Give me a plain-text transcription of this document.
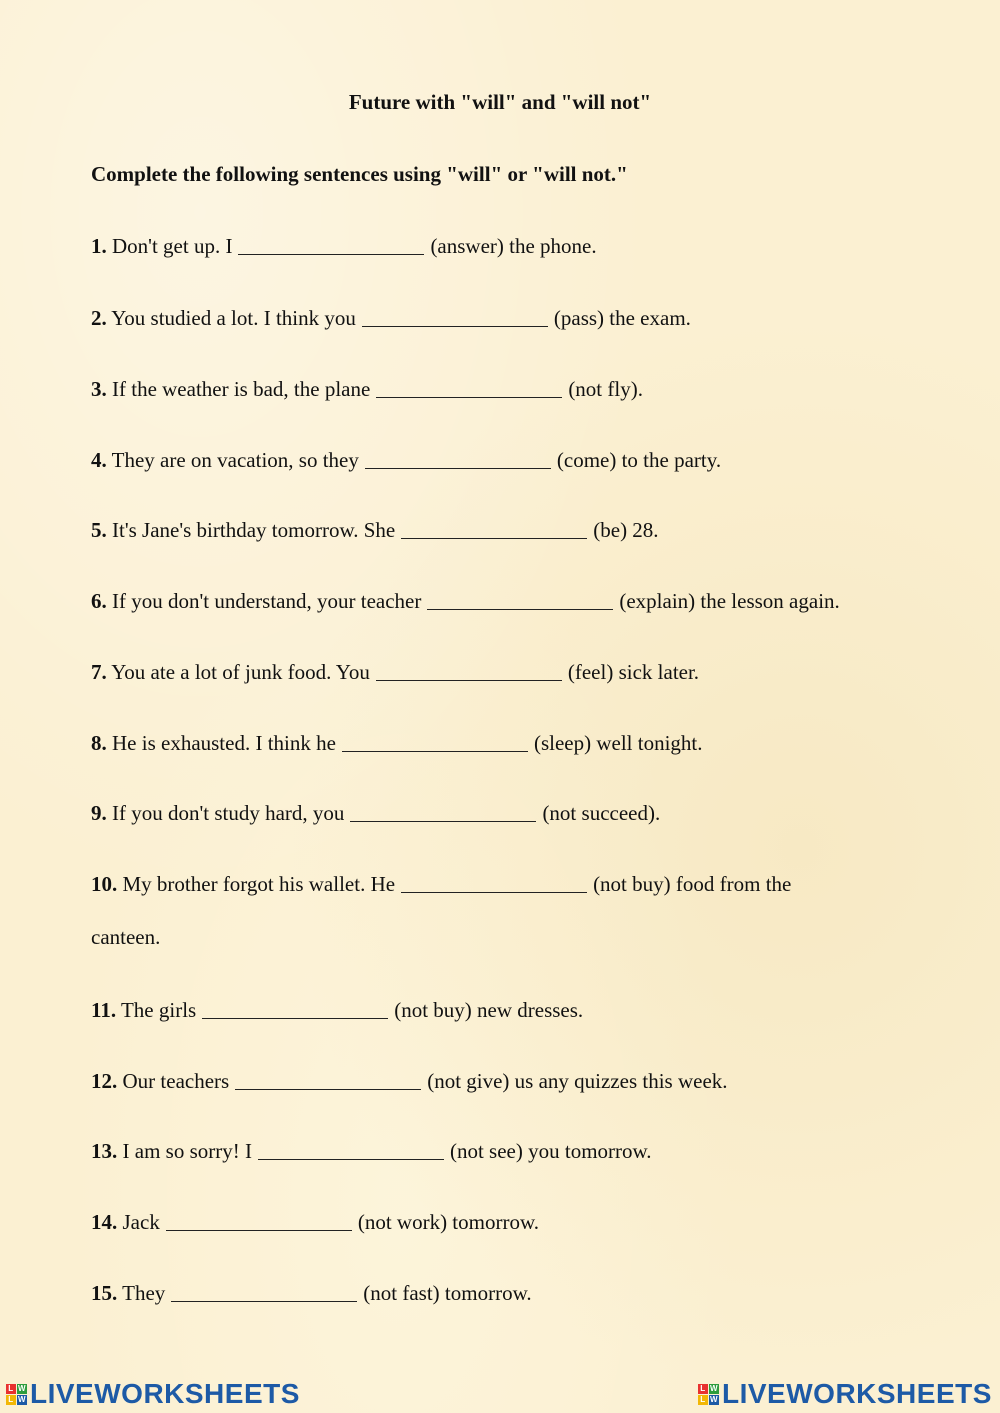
Future with "will" and "will not"
Complete the following sentences using "will" or "will not."
1. Don't get up. I	(answer) the phone.
2. You studied a lot. I think you	(pass) the exam.
3. If the weather is bad, the plane	(not fly).
4. They are on vacation, so they	(come) to the party.
5. It's Jane's birthday tomorrow. She	(be) 28.
6. If you don't understand, your teacher	(explain) the lesson again.
7. You ate a lot of junk food. You	(feel) sick later.
8. He is exhausted. I think he	(sleep) well tonight.
9. If you don't study hard, you	(not succeed).
10. My brother forgot his wallet. He	(not buy) food from the
canteen.
11. The girls	(not buy) new dresses.
12. Our teachers	(not give) us any quizzes this week.
13. I am so sorry! I	(not see) you tomorrow.
14. Jack	(not work) tomorrow.
15. They	(not fast) tomorrow.
L W
L W LIVEWORKSHEETS	L W
L W LIVEWORKSHEETS
